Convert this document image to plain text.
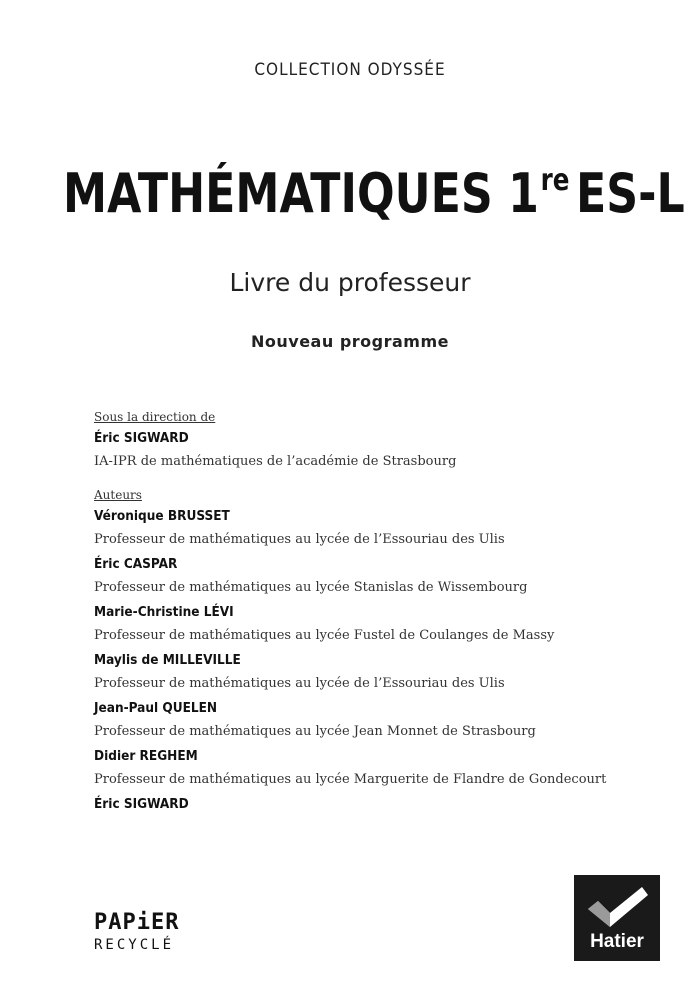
COLLECTION ODYSSÉE
MATHÉMATIQUES 1re ES-L
Livre du professeur
Nouveau programme
Sous la direction de
Éric SIGWARD
IA-IPR de mathématiques de l’académie de Strasbourg
Auteurs
Véronique BRUSSET
Professeur de mathématiques au lycée de l’Essouriau des Ulis
Éric CASPAR
Professeur de mathématiques au lycée Stanislas de Wissembourg
Marie-Christine LÉVI
Professeur de mathématiques au lycée Fustel de Coulanges de Massy
Maylis de MILLEVILLE
Professeur de mathématiques au lycée de l’Essouriau des Ulis
Jean-Paul QUELEN
Professeur de mathématiques au lycée Jean Monnet de Strasbourg
Didier REGHEM
Professeur de mathématiques au lycée Marguerite de Flandre de Gondecourt
Éric SIGWARD
PAPiER
RECYCLÉ	Hatier
